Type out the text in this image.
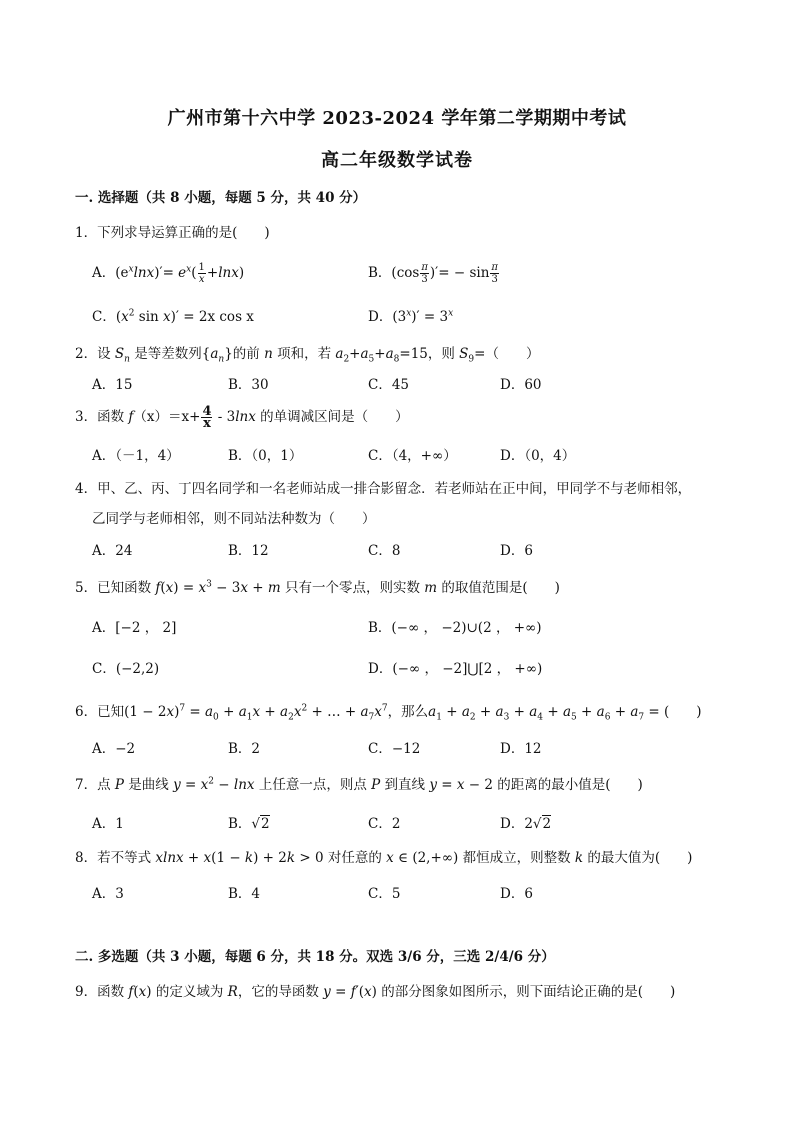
广州市第十六中学 2023-2024 学年第二学期期中考试
高二年级数学试卷
一. 选择题（共 8 小题，每题 5 分，共 40 分）
1．下列求导运算正确的是(　　)
A．$(e^x\ln x)'= e^x( \frac{1}{x} +\ln x)$	B．($\cos \frac{\pi}{3}$ )′= − $\sin \frac{\pi}{3}$
C．($x^2$ sin x)′ = 2x cos x	D．$(3^x)' = 3^x$
2．设 $S_n$ 是等差数列$\{a_n\}$的前 n 项和，若 $a_2+a_5+a_8=15$，则 $S_9=$（　　）
A．15	B．30	C．45	D．60
3．函数 $f(x)=x+ \frac{4}{x} - 3\ln x$ 的单调减区间是（　　）
A．（－1，4）	B．（0，1）	C．（4，+∞）	D．（0，4）
4．甲、乙、丙、丁四名同学和一名老师站成一排合影留念．若老师站在正中间，甲同学不与老师相邻，
乙同学与老师相邻，则不同站法种数为（　　）
A．24	B．12	C．8	D．6
5．已知函数 $f(x) = x^3 - 3x + m$ 只有一个零点，则实数 m 的取值范围是(　　)
A．[−2 ， 2]	B．(−∞ ， −2)∪(2 ， +∞)
C．(−2,2)	D．(−∞ ， −2]⋃[2 ， +∞)
6．已知$(1 - 2x)^7 = a_0 + a_1x + a_2x^2$ + … + $a_7x^7$，那么$a_1 + a_2 + a_3 + a_4 + a_5 + a_6 + a_7$ = (　　)
A．−2	B．2	C．−12	D．12
7．点 P 是曲线 $y = x^2 - \ln x$ 上任意一点，则点 P 到直线 y = x − 2 的距离的最小值是(　　)
A．1	B．√2	C．2	D．2√2
8．若不等式 xlnx + x(1 − k) + 2k > 0 对任意的 x ∈ (2,+∞) 都恒成立，则整数 k 的最大值为(　　)
A．3	B．4	C．5	D．6
二. 多选题（共 3 小题，每题 6 分，共 18 分。双选 3/6 分，三选 2/4/6 分）
9．函数 f(x) 的定义域为 R，它的导函数 y = f′(x) 的部分图象如图所示，则下面结论正确的是(　　)
